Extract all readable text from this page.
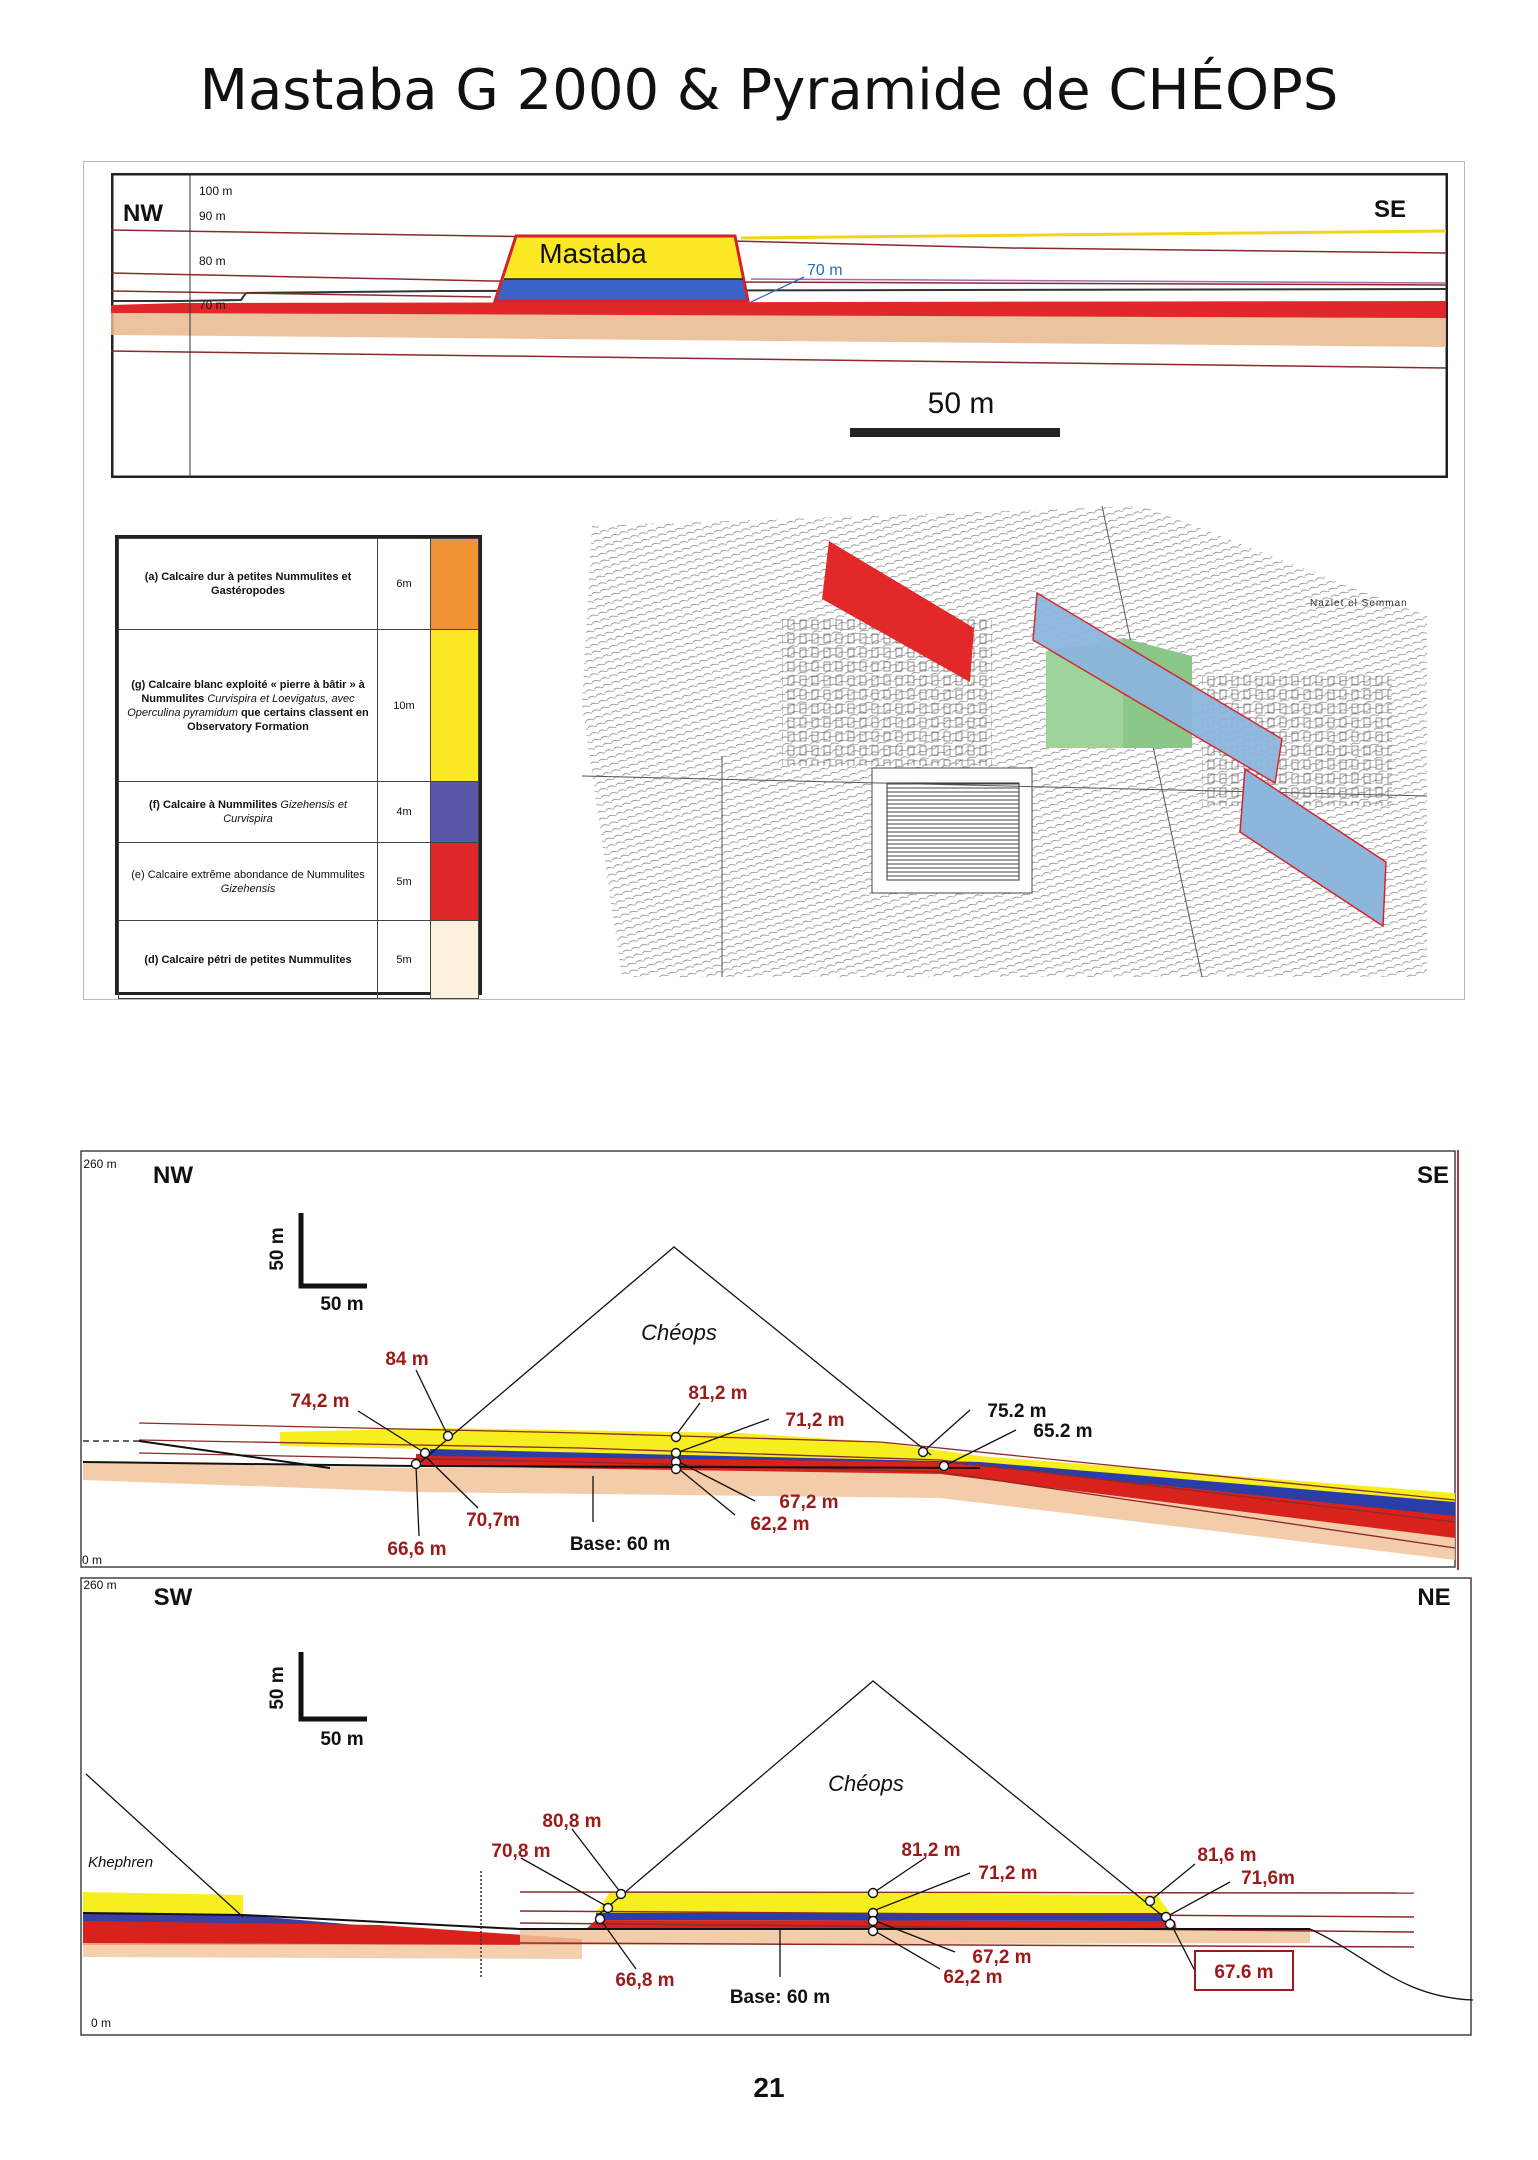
Mastaba G 2000 & Pyramide de CHÉOPS
NW	SE
100 m
90 m
80 m
70 m
Mastaba
70 m
50 m
(a) Calcaire dur à petites Nummulites et Gastéropodes	6m	
(g) Calcaire blanc exploité « pierre à bâtir » à Nummulites Curvispira et Loevigatus, avec Operculina pyramidum que certains classent en Observatory Formation	10m	
(f) Calcaire à Nummilites Gizehensis et Curvispira	4m	
(e) Calcaire extrême abondance de Nummulites Gizehensis	5m	
(d) Calcaire pétri de petites Nummulites	5m	
Nazlet el Semman
260 m
0 m
NW	SE
50 m
50 m
Chéops
84 m
74,2 m	81,2 m
71,2 m	75.2 m
65.2 m
70,7m
66,6 m
67,2 m
62,2 m
Base: 60 m
260 m
0 m
SW	NE
50 m
50 m
Chéops
Khephren
80,8 m
70,8 m	81,2 m
71,2 m
81,6 m
71,6m
66,8 m
67,2 m
62,2 m
Base: 60 m
67.6 m
21
